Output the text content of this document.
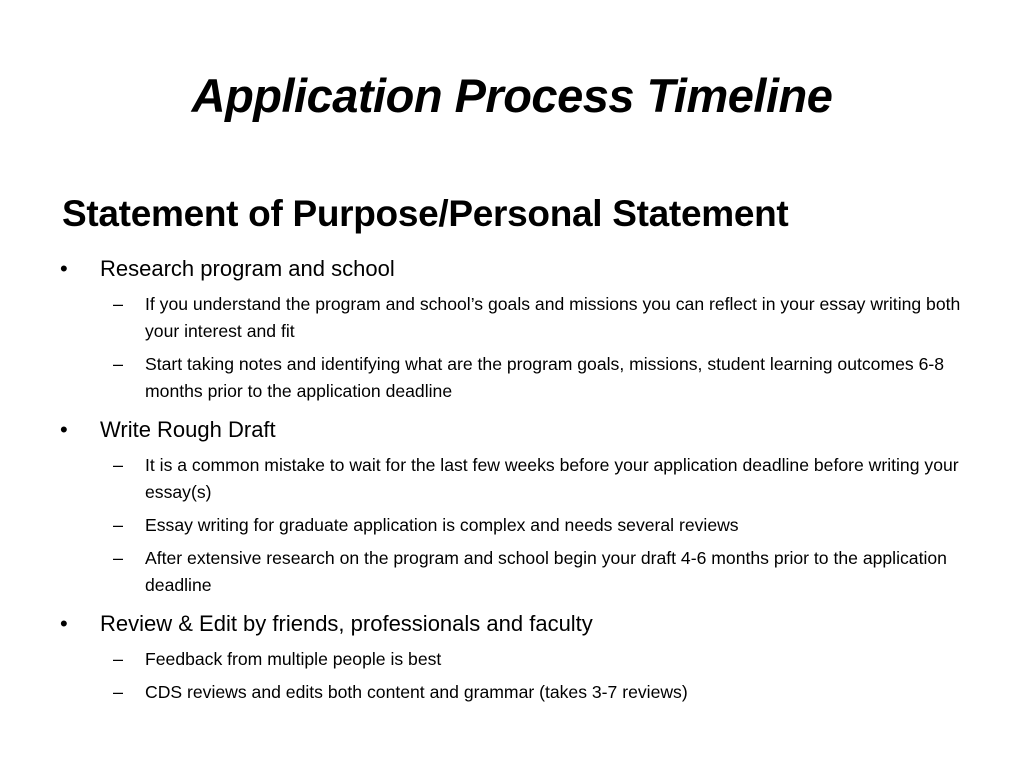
Application Process Timeline
Statement of Purpose/Personal Statement
• Research program and school
– If you understand the program and school’s goals and missions you can reflect in your essay writing both your interest and fit
– Start taking notes and identifying what are the program goals, missions, student learning outcomes 6-8 months prior to the application deadline
• Write Rough Draft
– It is a common mistake to wait for the last few weeks before your application deadline before writing your essay(s)
– Essay writing for graduate application is complex and needs several reviews
– After extensive research on the program and school begin your draft 4-6 months prior to the application deadline
• Review & Edit by friends, professionals and faculty
– Feedback from multiple people is best
– CDS reviews and edits both content and grammar (takes 3-7 reviews)
